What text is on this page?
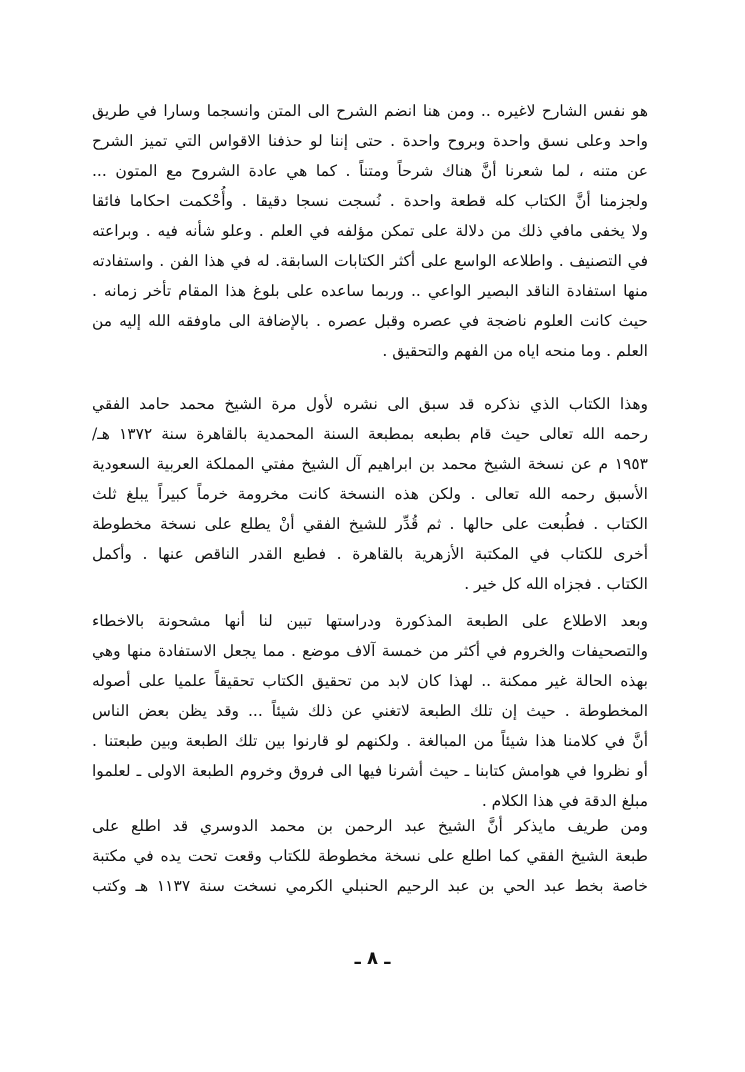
هو نفس الشارح لاغيره .. ومن هنا انضم الشرح الى المتن وانسجما وسارا في طريق
واحد وعلى نسق واحدة وبروح واحدة . حتى إننا لو حذفنا الاقواس التي تميز الشرح
عن متنه ، لما شعرنا أنَّ هناك شرحاً ومتناً . كما هي عادة الشروح مع المتون ...
ولجزمنا أنَّ الكتاب كله قطعة واحدة . نُسجت نسجا دقيقا . وأُحْكمت احكاما فائقا
ولا يخفى مافي ذلك من دلالة على تمكن مؤلفه في العلم . وعلو شأنه فيه . وبراعته
في التصنيف . واطلاعه الواسع على أكثر الكتابات السابقة. له في هذا الفن . واستفادته
منها استفادة الناقد البصير الواعي .. وربما ساعده على بلوغ هذا المقام تأخر زمانه .
حيث كانت العلوم ناضجة في عصره وقبل عصره . بالإضافة الى ماوفقه الله إليه من
العلم . وما منحه اياه من الفهم والتحقيق .
وهذا الكتاب الذي نذكره قد سبق الى نشره لأول مرة الشيخ محمد حامد الفقي
رحمه الله تعالى حيث قام بطبعه بمطبعة السنة المحمدية بالقاهرة سنة ١٣٧٢ هـ/
١٩٥٣ م عن نسخة الشيخ محمد بن ابراهيم آل الشيخ مفتي المملكة العربية السعودية
الأسبق رحمه الله تعالى . ولكن هذه النسخة كانت مخرومة خرماً كبيراً يبلغ ثلث
الكتاب . فطُبعت على حالها . ثم قُدِّر للشيخ الفقي أنْ يطلع على نسخة مخطوطة
أخرى للكتاب في المكتبة الأزهرية بالقاهرة . فطبع القدر الناقص عنها . وأكمل
الكتاب . فجزاه الله كل خير .
وبعد الاطلاع على الطبعة المذكورة ودراستها تبين لنا أنها مشحونة بالاخطاء
والتصحيفات والخروم في أكثر من خمسة آلاف موضع . مما يجعل الاستفادة منها وهي
بهذه الحالة غير ممكنة .. لهذا كان لابد من تحقيق الكتاب تحقيقاً علميا على أصوله
المخطوطة . حيث إن تلك الطبعة لاتغني عن ذلك شيئاً ... وقد يظن بعض الناس
أنَّ في كلامنا هذا شيئاً من المبالغة . ولكنهم لو قارنوا بين تلك الطبعة وبين طبعتنا .
أو نظروا في هوامش كتابنا ـ حيث أشرنا فيها الى فروق وخروم الطبعة الاولى ـ لعلموا
مبلغ الدقة في هذا الكلام .
ومن طريف مايذكر أنَّ الشيخ عبد الرحمن بن محمد الدوسري قد اطلع على
طبعة الشيخ الفقي كما اطلع على نسخة مخطوطة للكتاب وقعت تحت يده في مكتبة
خاصة بخط عبد الحي بن عبد الرحيم الحنبلي الكرمي نسخت سنة ١١٣٧ هـ وكتب
ـ ٨ ـ
